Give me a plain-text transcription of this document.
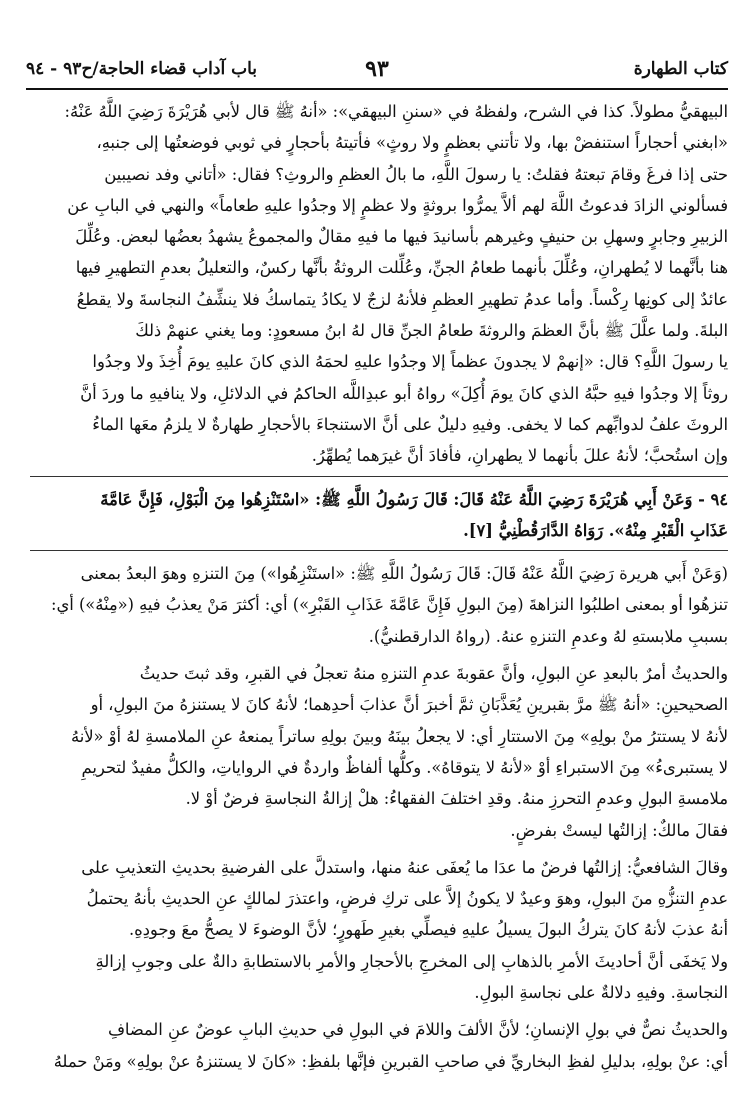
كتاب الطهارة
٩٣
باب آداب قضاء الحاجة/ح٩٣ - ٩٤

البيهقيُّ مطولاً. كذا في الشرح، ولفظهُ في «سننِ البيهقي»: «أنهُ ﷺ قال لأبي هُرَيْرَةَ رَضِيَ اللَّهُ عَنْهُ:

«ابغني أحجاراً استنفضْ بها، ولا تأتني بعظمٍ ولا روثٍ» فأتيتهُ بأحجارٍ في ثوبي فوضعتُها إلى جنبهِ،

حتى إذا فرغَ وقامَ تبعتهُ فقلتُ: يا رسولَ اللَّهِ، ما بالُ العظمِ والروثِ؟ فقال: «أتاني وفد نصيبين

فسألوني الزادَ فدعوتُ اللَّهَ لهم ألاَّ يمرُّوا بروثةٍ ولا عظمٍ إلا وجدُوا عليهِ طعاماً» والنهي في البابِ عن

الزبيرِ وجابرٍ وسهلِ بن حنيفٍ وغيرهم بأسانيدَ فيها ما فيهِ مقالٌ والمجموعُ يشهدُ بعضُها لبعض. وعُلِّلَ

هنا بأنَّهما لا يُطهرانِ، وعُلِّلَ بأنهما طعامُ الجنِّ، وعُلِّلت الروثةُ بأنَّها ركسٌ، والتعليلُ بعدمِ التطهيرِ فيها

عائدٌ إلى كونِها رِكْساً. وأما عدمُ تطهيرِ العظمِ فلأنهُ لزجٌ لا يكادُ يتماسكُ فلا ينشِّفُ النجاسةَ ولا يقطعُ

البلةَ. ولما علَّلَ ﷺ بأنَّ العظمَ والروثةَ طعامُ الجنِّ قال لهُ ابنُ مسعودٍ: وما يغني عنهمْ ذلكَ

يا رسولَ اللَّهِ؟ قال: «إنهمْ لا يجدونَ عظماً إلا وجدُوا عليهِ لحمَهُ الذي كانَ عليهِ يومَ أُخِذَ ولا وجدُوا

روثاً إلا وجدُوا فيهِ حبَّهُ الذي كانَ يومَ أُكِلَ» رواهُ أبو عبدِاللَّه الحاكمُ في الدلائلِ، ولا ينافيهِ ما وردَ أنَّ

الروثَ علفُ لدوابِّهم كما لا يخفى. وفيهِ دليلٌ على أنَّ الاستنجاءَ بالأحجارِ طهارةٌ لا يلزمُ معَها الماءُ

وإن استُحبَّ؛ لأنهُ عللَ بأنهما لا يطهرانِ، فأفادَ أنَّ غيرَهما يُطهِّرُ.

٩٤ - وَعَنْ أَبِي هُرَيْرَةَ رَضِيَ اللَّهُ عَنْهُ قَالَ: قَالَ رَسُولُ اللَّهِ ﷺ: «اسْتَنْزِهُوا مِنَ الْبَوْلِ، فَإِنَّ عَامَّةَ

عَذَابِ الْقَبْرِ مِنْهُ». رَوَاهُ الدَّارَقُطْنِيُّ [٧].

(وَعَنْ أَبي هريرة رَضِيَ اللَّهُ عَنْهُ قَالَ: قَالَ رَسُولُ اللَّهِ ﷺ: «استَنْزِهُوا») مِنَ التنزهِ وهوَ البعدُ بمعنى

تنزهُوا أو بمعنى اطلبُوا النزاهةَ (مِنَ البولِ فَإِنَّ عَامَّةَ عَذَابِ القَبْرِ») أي: أكثرَ مَنْ يعذبُ فيهِ («مِنْهُ») أي:

بسببِ ملابستهِ لهُ وعدمِ التنزهِ عنهُ. (رواهُ الدارقطنيُّ).

والحديثُ أمرٌ بالبعدِ عنِ البولِ، وأنَّ عقوبةَ عدمِ التنزهِ منهُ تعجلُ في القبرِ، وقد ثبتَ حديثُ

الصحيحينِ: «أنهُ ﷺ مرَّ بقبرينِ يُعَذَّبَانِ ثمَّ أخبرَ أنَّ عذابَ أحدِهما؛ لأنهُ كانَ لا يستنزهُ منَ البولِ، أو

لأنهُ لا يستترُ منْ بولِهِ» مِنَ الاستتارِ أي: لا يجعلُ بينَهُ وبينَ بولِهِ ساتراً يمنعهُ عنِ الملامسةِ لهُ أوْ «لأنهُ

لا يستبرىءُ» مِنَ الاستبراءِ أوْ «لأنهُ لا يتوقاهُ». وكلُّها ألفاظٌ واردةٌ في الرواياتِ، والكلُّ مفيدٌ لتحريمِ

ملامسةِ البولِ وعدمِ التحرزِ منهُ. وقدِ اختلفَ الفقهاءُ: هلْ إزالةُ النجاسةِ فرضٌ أوْ لا.

فقالَ مالكٌ: إزالتُها ليستْ بفرضٍ.

وقالَ الشافعيُّ: إزالتُها فرضٌ ما عدَا ما يُعفَى عنهُ منها، واستدلَّ على الفرضيةِ بحديثِ التعذيبِ على

عدمِ التنزُّهِ منَ البولِ، وهوَ وعيدٌ لا يكونُ إلاَّ على تركِ فرضٍ، واعتذرَ لمالكٍ عنِ الحديثِ بأنهُ يحتملُ

أنهُ عذبَ لأنهُ كانَ يتركُ البولَ يسيلُ عليهِ فيصلِّي بغيرِ طَهورٍ؛ لأنَّ الوضوءَ لا يصحُّ معَ وجودِهِ.

ولا يَخفَى أنَّ أحاديثَ الأمرِ بالذهابِ إلى المخرجِ بالأحجارِ والأمرِ بالاستطابةِ دالةٌ على وجوبِ إزالةِ

النجاسةِ. وفيهِ دلالةٌ على نجاسةِ البولِ.

والحديثُ نصٌّ في بولِ الإنسانِ؛ لأنَّ الألفَ واللامَ في البولِ في حديثِ البابِ عوضٌ عنِ المضافِ

أي: عنْ بولِهِ، بدليلِ لفظِ البخاريِّ في صاحبِ القبرينِ فإنَّها بلفظِ: «كانَ لا يستنزهُ عنْ بولِهِ» ومَنْ حملهُ
